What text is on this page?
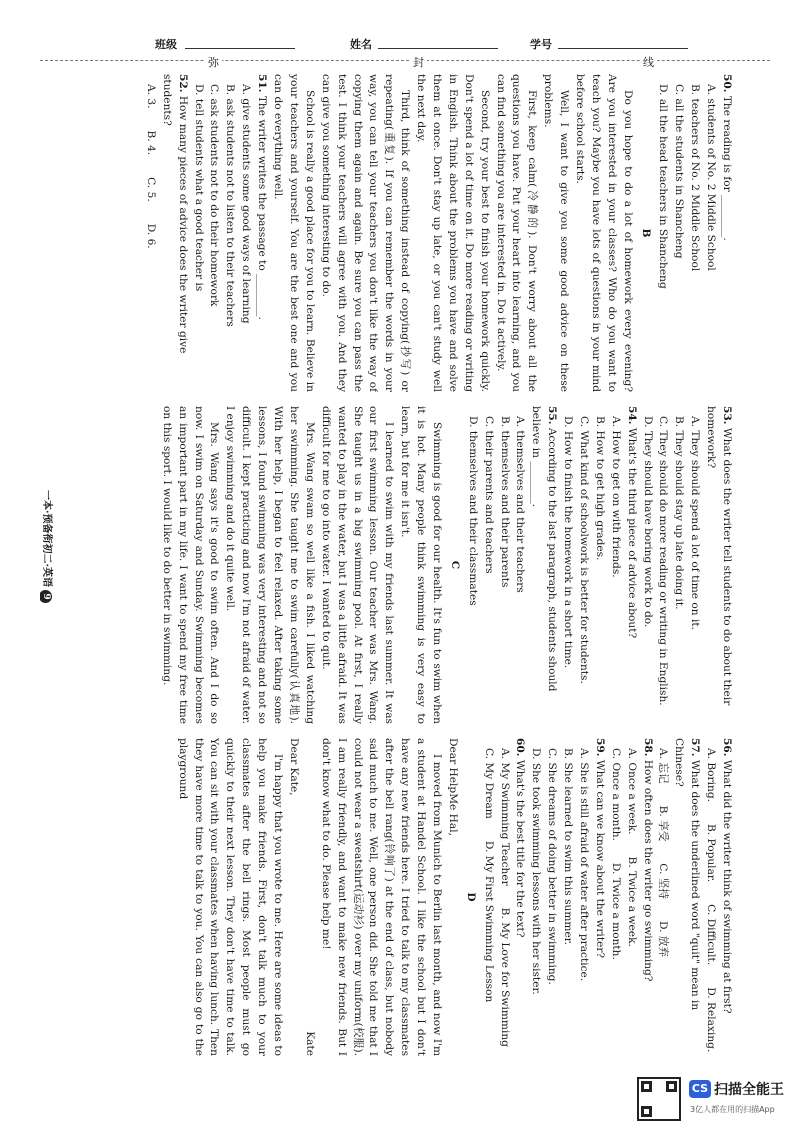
班级	姓名	学号
弥	封	线

50. The reading is for ________.

A. students of No. 2 Middle School

B. teachers of No. 2 Middle School

C. all the students in Shancheng

D. all the head teachers in Shancheng

B

Do you hope to do a lot of homework every evening? Are you interested in your classes? Who do you want to teach you? Maybe you have lots of questions in your mind before school starts.

Well, I want to give you some good advice on these problems.

First, keep calm(冷静的). Don't worry about all the questions you have. Put your heart into learning, and you can find something you are interested in. Do it actively.

Second, try your best to finish your homework quickly. Don't spend a lot of time on it. Do more reading or writing in English. Think about the problems you have and solve them at once. Don't stay up late, or you can't study well the next day.

Third, think of something instead of copying(抄写) or repeating(重复). If you can remember the words in your way, you can tell your teachers you don't like the way of copying them again and again. Be sure you can pass the test. I think your teachers will agree with you. And they can give you something interesting to do.

School is really a good place for you to learn. Believe in your teachers and yourself. You are the best one and you can do everything well.

51. The writer writes the passage to ________.

A. give students some good ways of learning

B. ask students not to listen to their teachers

C. ask students not to do their homework

D. tell students what a good teacher is

52. How many pieces of advice does the writer give students?

A. 3.
B. 4.
C. 5.
D. 6.

53. What does the writer tell students to do about their homework?

A. They should spend a lot of time on it.

B. They should stay up late doing it.

C. They should do more reading or writing in English.

D. They should have boring work to do.

54. What's the third piece of advice about?

A. How to get on with friends.

B. How to get high grades.

C. What kind of schoolwork is better for students.

D. How to finish the homework in a short time.

55. According to the last paragraph, students should believe in ________.

A. themselves and their teachers

B. themselves and their parents

C. their parents and teachers

D. themselves and their classmates

C

Swimming is good for our health. It's fun to swim when it is hot. Many people think swimming is very easy to learn, but for me it isn't.

I learned to swim with my friends last summer. It was our first swimming lesson. Our teacher was Mrs. Wang. She taught us in a big swimming pool. At first, I really wanted to play in the water, but I was a little afraid. It was difficult for me to go into water. I wanted to quit.

Mrs. Wang swam so well like a fish. I liked watching her swimming. She taught me to swim carefully(认真地). With her help, I began to feel relaxed. After taking some lessons, I found swimming was very interesting and not so difficult. I kept practicing and now I'm not afraid of water. I enjoy swimming and do it quite well.

Mrs. Wang says it's good to swim often. And I do so now. I swim on Saturday and Sunday. Swimming becomes an important part in my life. I want to spend my free time on this sport. I would like to do better in swimming.

56. What did the writer think of swimming at first?

A. Boring.
B. Popular.
C. Difficult.
D. Relaxing.

57. What does the underlined word "quit" mean in Chinese?

A. 忘记
B. 享受
C. 坚持
D. 放弃

58. How often does the writer go swimming?

A. Once a week.
B. Twice a week.
C. Once a month.
D. Twice a month.

59. What can we know about the writer?

A. She is still afraid of water after practice.

B. She learned to swim this summer.

C. She dreams of doing better in swimming.

D. She took swimming lessons with her sister.

60. What's the best title for the text?

A. My Swimming Teacher
B. My Love for Swimming
C. My Dream
D. My First Swimming Lesson

D

Dear HelpMe Hal,

I moved from Munich to Berlin last month, and now I'm a student at Handel School. I like the school but I don't have any new friends here. I tried to talk to my classmates after the bell rang(铃响了) at the end of class, but nobody said much to me. Well, one person did. She told me that I could not wear a sweatshirt(运动衫) over my uniform(校服). I am really friendly, and want to make new friends. But I don't know what to do. Please help me!

Kate

Dear Kate,

I'm happy that you wrote to me. Here are some ideas to help you make friends. First, don't talk much to your classmates after the bell rings. Most people must go quickly to their next lesson. They don't have time to talk. You can sit with your classmates when having lunch. Then they have more time to talk to you. You can also go to the playground

一本·预备衔初二·英语9
CS 扫描全能王
3亿人都在用的扫描App
